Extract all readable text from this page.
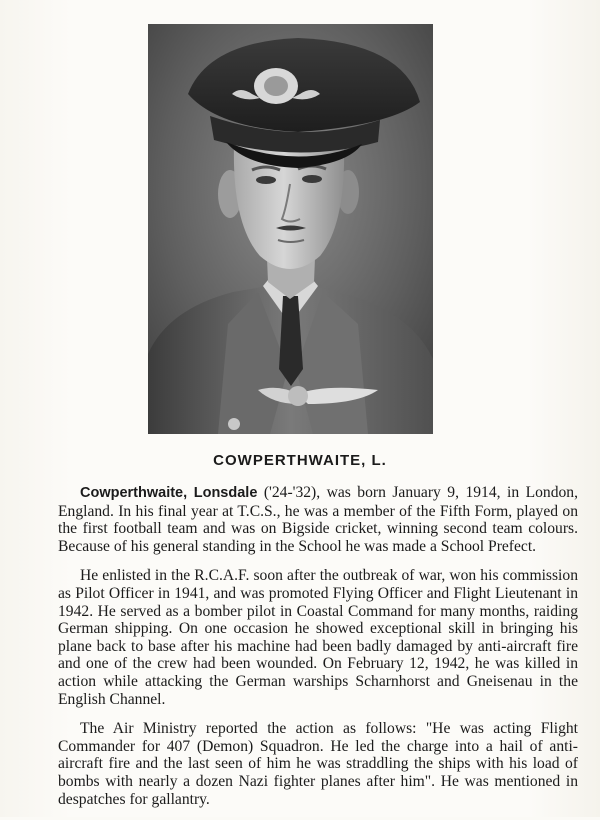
COWPERTHWAITE, L.

Cowperthwaite, Lonsdale ('24-'32), was born January 9, 1914, in London, England. In his final year at T.C.S., he was a member of the Fifth Form, played on the first football team and was on Bigside cricket, winning second team colours. Because of his general standing in the School he was made a School Prefect.

He enlisted in the R.C.A.F. soon after the outbreak of war, won his commission as Pilot Officer in 1941, and was promoted Flying Officer and Flight Lieutenant in 1942. He served as a bomber pilot in Coastal Command for many months, raiding German shipping. On one occasion he showed exceptional skill in bringing his plane back to base after his machine had been badly damaged by anti-aircraft fire and one of the crew had been wounded. On February 12, 1942, he was killed in action while attacking the German warships Scharnhorst and Gneisenau in the English Channel.

The Air Ministry reported the action as follows: "He was acting Flight Commander for 407 (Demon) Squadron. He led the charge into a hail of anti-aircraft fire and the last seen of him he was straddling the ships with his load of bombs with nearly a dozen Nazi fighter planes after him". He was mentioned in despatches for gallantry.
